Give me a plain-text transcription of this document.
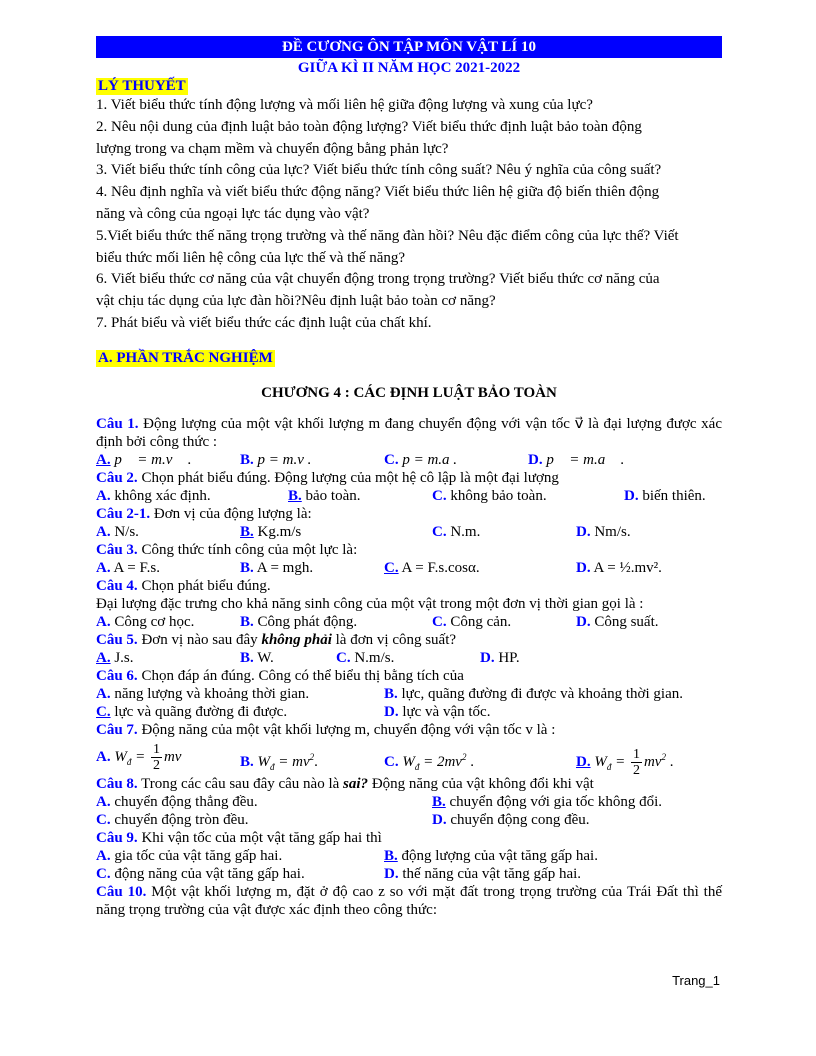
ĐỀ CƯƠNG ÔN TẬP MÔN VẬT LÍ 10
GIỮA KÌ II NĂM HỌC 2021-2022
LÝ THUYẾT

1. Viết biểu thức tính động lượng và mối liên hệ giữa động lượng và xung của lực?

2. Nêu nội dung của định luật bảo toàn động lượng? Viết biểu thức định luật bảo toàn động

lượng trong va chạm mềm và chuyển động bằng phản lực?

3. Viết biểu thức tính công của lực? Viết biểu thức tính công suất? Nêu ý nghĩa của công suất?

4. Nêu định nghĩa và viết biểu thức động năng? Viết biểu thức liên hệ giữa độ biến thiên động

năng và công của ngoại lực tác dụng vào vật?

5.Viết biểu thức thế năng trọng trường và thế năng đàn hồi? Nêu đặc điểm công của lực thế? Viết

biểu thức mối liên hệ công của lực thế và thế năng?

6. Viết biểu thức cơ năng của vật chuyển động trong trọng trường? Viết biểu thức cơ năng của

vật chịu tác dụng của lực đàn hồi?Nêu định luật bảo toàn cơ năng?

7. Phát biểu và viết biểu thức các định luật của chất khí.

A. PHẦN TRẮC NGHIỆM
CHƯƠNG 4 : CÁC ĐỊNH LUẬT BẢO TOÀN

Câu 1. Động lượng của một vật khối lượng m đang chuyển động với vận tốc v⃗ là đại lượng được xác định bởi công thức :

A. p⃗ = m.v⃗ .	B. p = m.v .	C. p = m.a .	D. p⃗ = m.a⃗ .

Câu 2. Chọn phát biểu đúng. Động lượng của một hệ cô lập là một đại lượng

A. không xác định.	B. bảo toàn.	C. không bảo toàn.	D. biến thiên.

Câu 2-1. Đơn vị của động lượng là:

A. N/s.	B. Kg.m/s	C. N.m.	D. Nm/s.

Câu 3. Công thức tính công của một lực là:

A. A = F.s.	B. A = mgh.	C. A = F.s.cosα.	D. A = ½.mv².

Câu 4. Chọn phát biểu đúng.

Đại lượng đặc trưng cho khả năng sinh công của một vật trong một đơn vị thời gian gọi là :

A. Công cơ học.	B. Công phát động.	C. Công cản.	D. Công suất.

Câu 5. Đơn vị nào sau đây không phải là đơn vị công suất?

A. J.s.	B. W.	C. N.m/s.	D. HP.

Câu 6. Chọn đáp án đúng. Công có thể biểu thị bằng tích của

A. năng lượng và khoảng thời gian.	B. lực, quãng đường đi được và khoảng thời gian.
C. lực và quãng đường đi được.	D. lực và vận tốc.

Câu 7. Động năng của một vật khối lượng m, chuyển động với vận tốc v là :

A. $W_đ = \frac{1}{2}$ mv	B. $W_đ = mv^2$.	C. $W_đ = 2mv^2$ .	D. $W_đ = \frac{1}{2} mv^2$ .

Câu 8. Trong các câu sau đây câu nào là sai? Động năng của vật không đổi khi vật

A. chuyển động thẳng đều.	B. chuyển động với gia tốc không đổi.
C. chuyển động tròn đều.	D. chuyển động cong đều.

Câu 9. Khi vận tốc của một vật tăng gấp hai thì

A. gia tốc của vật tăng gấp hai.	B. động lượng của vật tăng gấp hai.
C. động năng của vật tăng gấp hai.	D. thế năng của vật tăng gấp hai.

Câu 10. Một vật khối lượng m, đặt ở độ cao z so với mặt đất trong trọng trường của Trái Đất thì thế năng trọng trường của vật được xác định theo công thức:

Trang_1
